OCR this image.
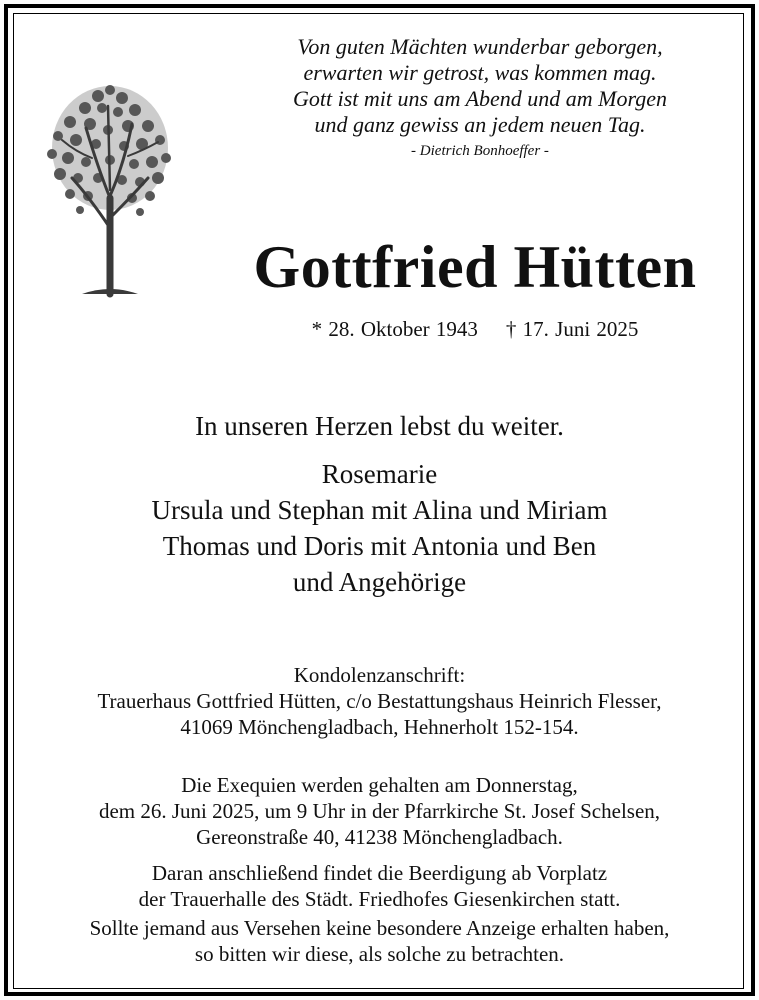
Von guten Mächten wunderbar geborgen,
erwarten wir getrost, was kommen mag.
Gott ist mit uns am Abend und am Morgen
und ganz gewiss an jedem neuen Tag.
- Dietrich Bonhoeffer -
Gottfried Hütten
* 28. Oktober 1943 † 17. Juni 2025
In unseren Herzen lebst du weiter.
Rosemarie
Ursula und Stephan mit Alina und Miriam
Thomas und Doris mit Antonia und Ben
und Angehörige
Kondolenzanschrift:
Trauerhaus Gottfried Hütten, c/o Bestattungshaus Heinrich Flesser,
41069 Mönchengladbach, Hehnerholt 152-154.
Die Exequien werden gehalten am Donnerstag,
dem 26. Juni 2025, um 9 Uhr in der Pfarrkirche St. Josef Schelsen,
Gereonstraße 40, 41238 Mönchengladbach.
Daran anschließend findet die Beerdigung ab Vorplatz
der Trauerhalle des Städt. Friedhofes Giesenkirchen statt.
Sollte jemand aus Versehen keine besondere Anzeige erhalten haben,
so bitten wir diese, als solche zu betrachten.
